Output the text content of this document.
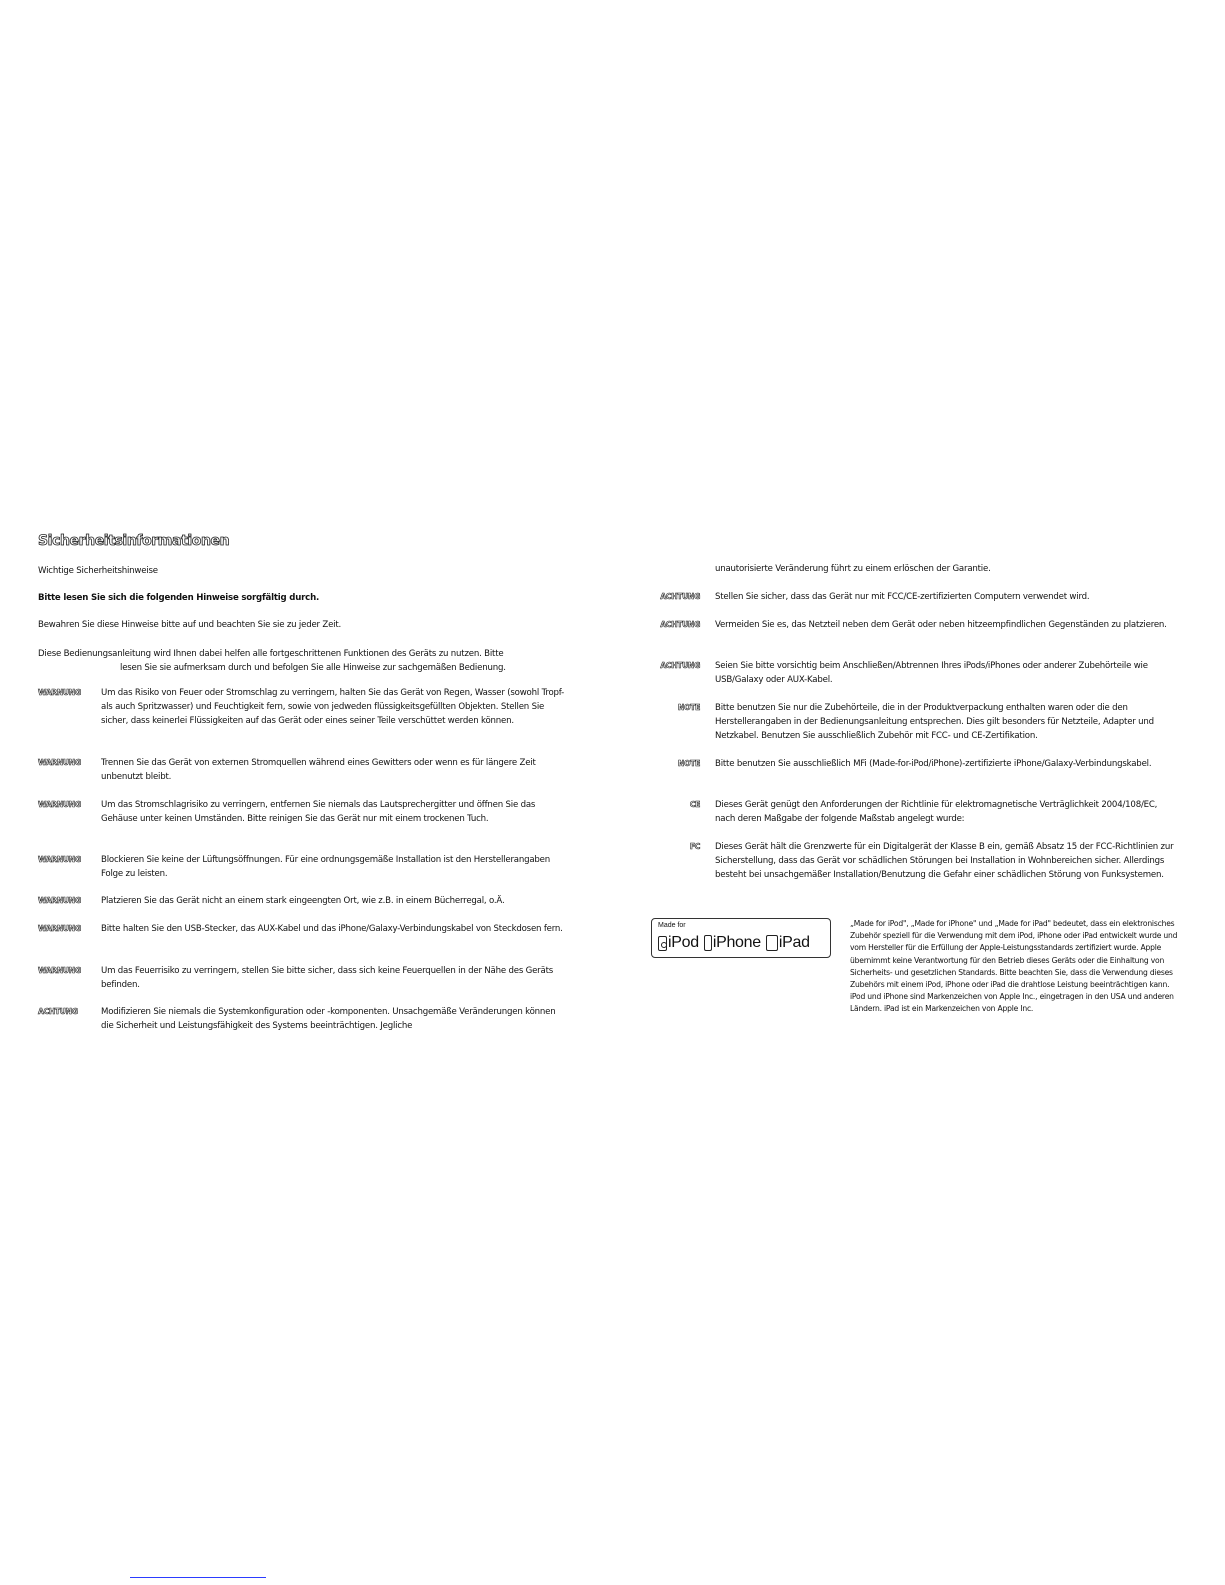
Sicherheitsinformationen
Wichtige Sicherheitshinweise
Bitte lesen Sie sich die folgenden Hinweise sorgfältig durch.
Bewahren Sie diese Hinweise bitte auf und beachten Sie sie zu jeder Zeit.
Diese Bedienungsanleitung wird Ihnen dabei helfen alle fortgeschrittenen Funktionen des Geräts zu nutzen. Bitte
lesen Sie sie aufmerksam durch und befolgen Sie alle Hinweise zur sachgemäßen Bedienung.
WARNUNG	Um das Risiko von Feuer oder Stromschlag zu verringern, halten Sie das Gerät von Regen, Wasser (sowohl Tropf- als auch Spritzwasser) und Feuchtigkeit fern, sowie von jedweden flüssigkeitsgefüllten Objekten. Stellen Sie sicher, dass keinerlei Flüssigkeiten auf das Gerät oder eines seiner Teile verschüttet werden können.
WARNUNG	Trennen Sie das Gerät von externen Stromquellen während eines Gewitters oder wenn es für längere Zeit unbenutzt bleibt.
WARNUNG	Um das Stromschlagrisiko zu verringern, entfernen Sie niemals das Lautsprechergitter und öffnen Sie das Gehäuse unter keinen Umständen. Bitte reinigen Sie das Gerät nur mit einem trockenen Tuch.
WARNUNG	Blockieren Sie keine der Lüftungsöffnungen. Für eine ordnungsgemäße Installation ist den Herstellerangaben Folge zu leisten.
WARNUNG	Platzieren Sie das Gerät nicht an einem stark eingeengten Ort, wie z.B. in einem Bücherregal, o.Ä.
WARNUNG	Bitte halten Sie den USB-Stecker, das AUX-Kabel und das iPhone/Galaxy-Verbindungskabel von Steckdosen fern.
WARNUNG	Um das Feuerrisiko zu verringern, stellen Sie bitte sicher, dass sich keine Feuerquellen in der Nähe des Geräts befinden.
ACHTUNG	Modifizieren Sie niemals die Systemkonfiguration oder -komponenten. Unsachgemäße Veränderungen können die Sicherheit und Leistungsfähigkeit des Systems beeinträchtigen. Jegliche
unautorisierte Veränderung führt zu einem erlöschen der Garantie.
ACHTUNG Stellen Sie sicher, dass das Gerät nur mit FCC/CE-zertifizierten Computern verwendet wird.
ACHTUNG Vermeiden Sie es, das Netzteil neben dem Gerät oder neben hitzeempfindlichen Gegenständen zu platzieren.
ACHTUNG Seien Sie bitte vorsichtig beim Anschließen/Abtrennen Ihres iPods/iPhones oder anderer Zubehörteile wie USB/Galaxy oder AUX-Kabel.
NOTE Bitte benutzen Sie nur die Zubehörteile, die in der Produktverpackung enthalten waren oder die den Herstellerangaben in der Bedienungsanleitung entsprechen. Dies gilt besonders für Netzteile, Adapter und Netzkabel. Benutzen Sie ausschließlich Zubehör mit FCC- und CE-Zertifikation.
NOTE Bitte benutzen Sie ausschließlich MFi (Made-for-iPod/iPhone)-zertifizierte iPhone/Galaxy-Verbindungskabel.
CE Dieses Gerät genügt den Anforderungen der Richtlinie für elektromagnetische Verträglichkeit 2004/108/EC, nach deren Maßgabe der folgende Maßstab angelegt wurde:
FC Dieses Gerät hält die Grenzwerte für ein Digitalgerät der Klasse B ein, gemäß Absatz 15 der FCC-Richtlinien zur Sicherstellung, dass das Gerät vor schädlichen Störungen bei Installation in Wohnbereichen sicher. Allerdings besteht bei unsachgemäßer Installation/Benutzung die Gefahr einer schädlichen Störung von Funksystemen.
Made for
iPod iPhone iPad
„Made for iPod", „Made for iPhone" und „Made for iPad" bedeutet, dass ein elektronisches Zubehör speziell für die Verwendung mit dem iPod, iPhone oder iPad entwickelt wurde und vom Hersteller für die Erfüllung der Apple-Leistungsstandards zertifiziert wurde. Apple übernimmt keine Verantwortung für den Betrieb dieses Geräts oder die Einhaltung von Sicherheits- und gesetzlichen Standards. Bitte beachten Sie, dass die Verwendung dieses Zubehörs mit einem iPod, iPhone oder iPad die drahtlose Leistung beeinträchtigen kann. iPod und iPhone sind Markenzeichen von Apple Inc., eingetragen in den USA und anderen Ländern. iPad ist ein Markenzeichen von Apple Inc.
